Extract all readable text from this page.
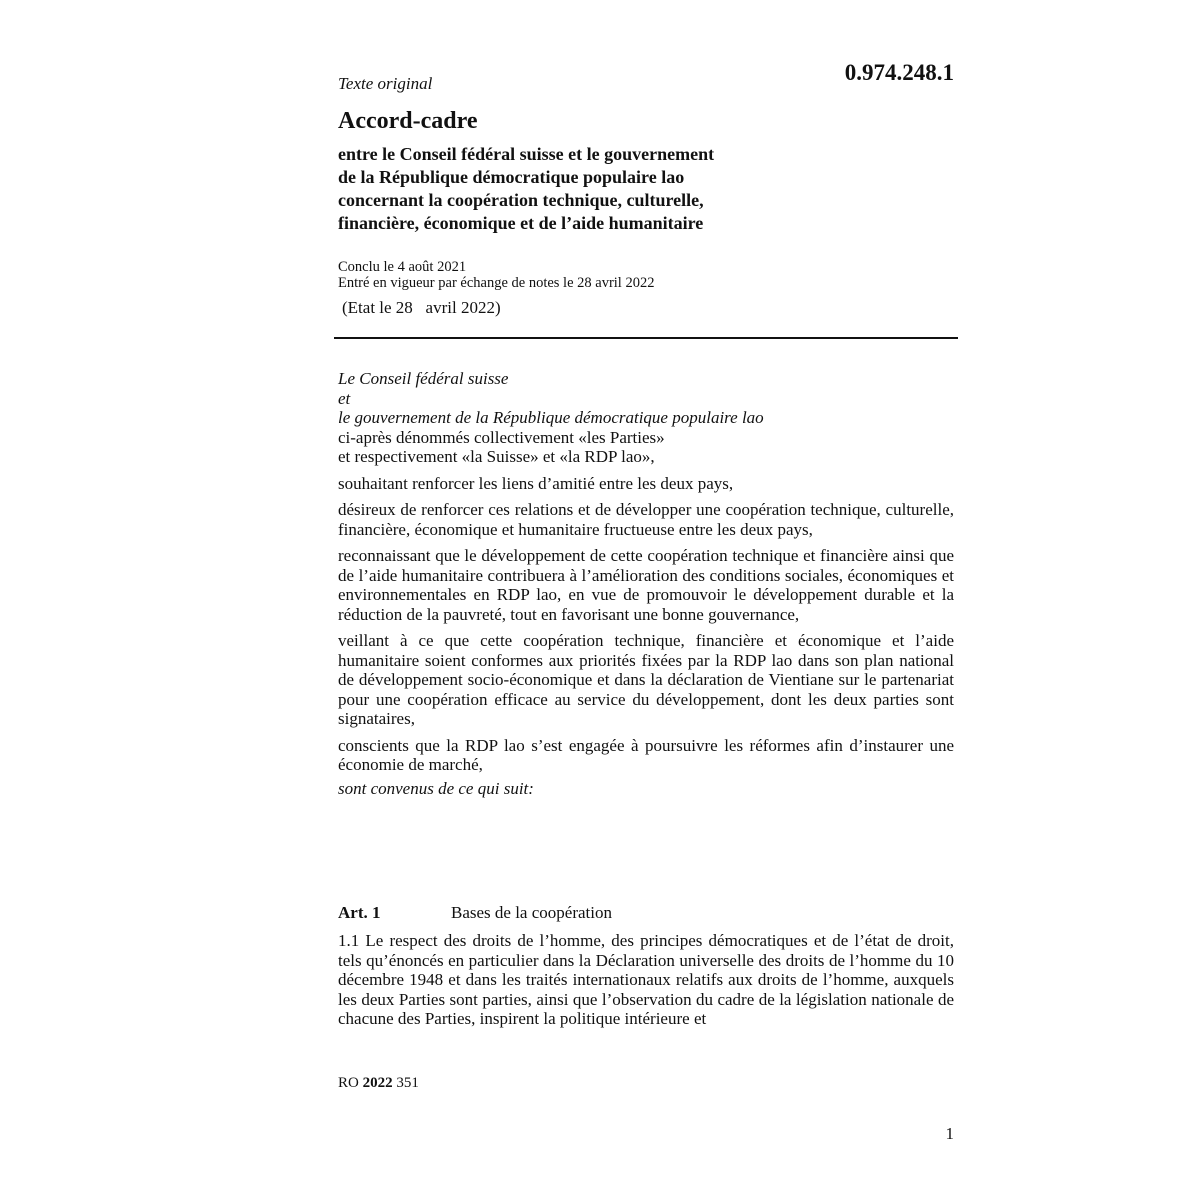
Texte original	0.974.248.1
Accord-cadre
entre le Conseil fédéral suisse et le gouvernement
de la République démocratique populaire lao
concernant la coopération technique, culturelle,
financière, économique et de l’aide humanitaire
Conclu le 4 août 2021
Entré en vigueur par échange de notes le 28 avril 2022
(Etat le 28   avril 2022)

Le Conseil fédéral suisse
et
le gouvernement de la République démocratique populaire lao

ci-après dénommés collectivement «les Parties»
et respectivement «la Suisse» et «la RDP lao»,

souhaitant renforcer les liens d’amitié entre les deux pays,

désireux de renforcer ces relations et de développer une coopération technique, culturelle, financière, économique et humanitaire fructueuse entre les deux pays,

reconnaissant que le développement de cette coopération technique et financière ainsi que de l’aide humanitaire contribuera à l’amélioration des conditions sociales, économiques et environnementales en RDP lao, en vue de promouvoir le développement durable et la réduction de la pauvreté, tout en favorisant une bonne gouvernance,

veillant à ce que cette coopération technique, financière et économique et l’aide humanitaire soient conformes aux priorités fixées par la RDP lao dans son plan national de développement socio-économique et dans la déclaration de Vientiane sur le partenariat pour une coopération efficace au service du développement, dont les deux parties sont signataires,

conscients que la RDP lao s’est engagée à poursuivre les réformes afin d’instaurer une économie de marché,

sont convenus de ce qui suit:

Art. 1	Bases de la coopération
1.1 Le respect des droits de l’homme, des principes démocratiques et de l’état de droit, tels qu’énoncés en particulier dans la Déclaration universelle des droits de l’homme du 10 décembre 1948 et dans les traités internationaux relatifs aux droits de l’homme, auxquels les deux Parties sont parties, ainsi que l’observation du cadre de la législation nationale de chacune des Parties, inspirent la politique intérieure et
RO 2022 351
1
